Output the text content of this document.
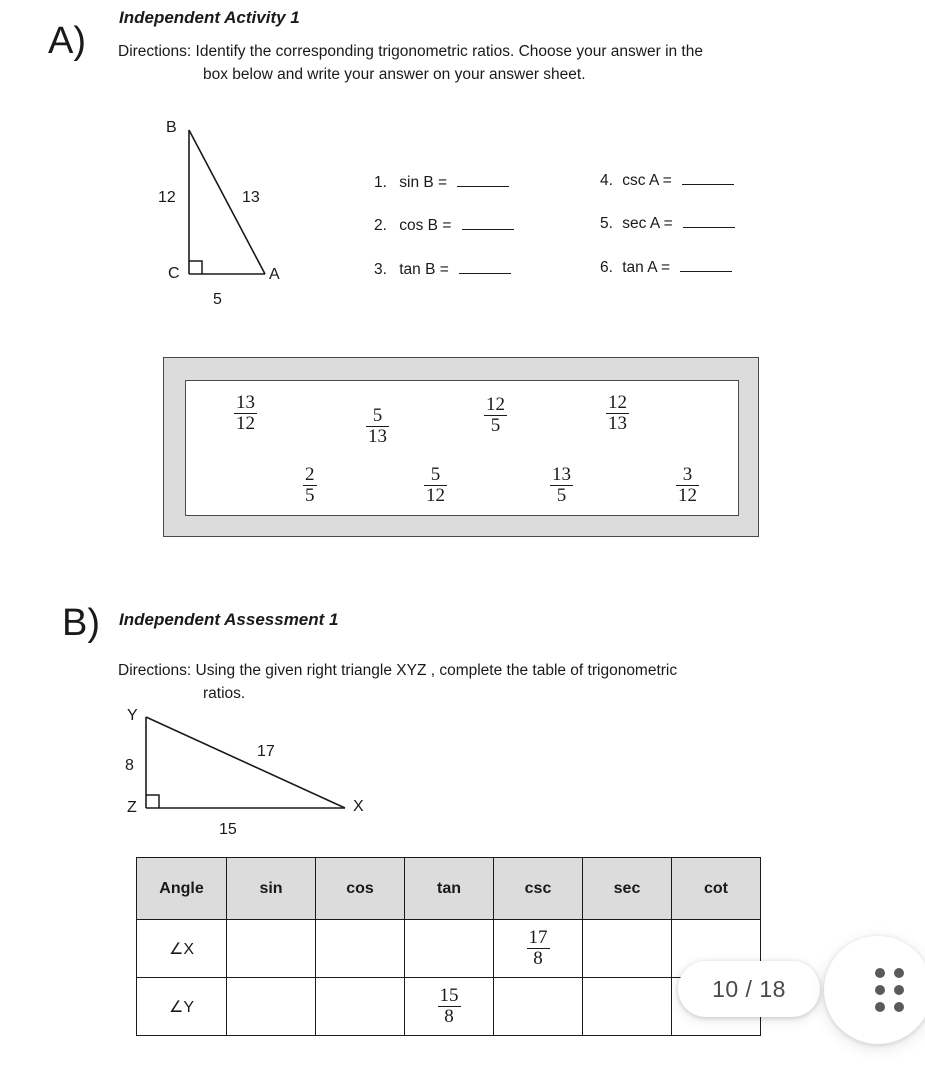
A)
Independent Activity 1
Directions: Identify the corresponding trigonometric ratios. Choose your answer in the
box below and write your answer on your answer sheet.
B
C	A
12	13
5
1. sin B =
2. cos B =
3. tan B =
4. csc A =
5. sec A =
6. tan A =
$\frac{13}{12}$	$\frac{5}{13}$	$\frac{12}{5}$	$\frac{12}{13}$
$\frac{2}{5}$	$\frac{5}{12}$	$\frac{13}{5}$	$\frac{3}{12}$
B) Independent Assessment 1
Directions: Using the given right triangle XYZ , complete the table of trigonometric
ratios.
Y
Z	X
8
17
15
Angle	sin	cos	tan	csc	sec	cot
∠X				$\frac{17}{8}$

∠Y			$\frac{15}{8}$
				10 / 18
